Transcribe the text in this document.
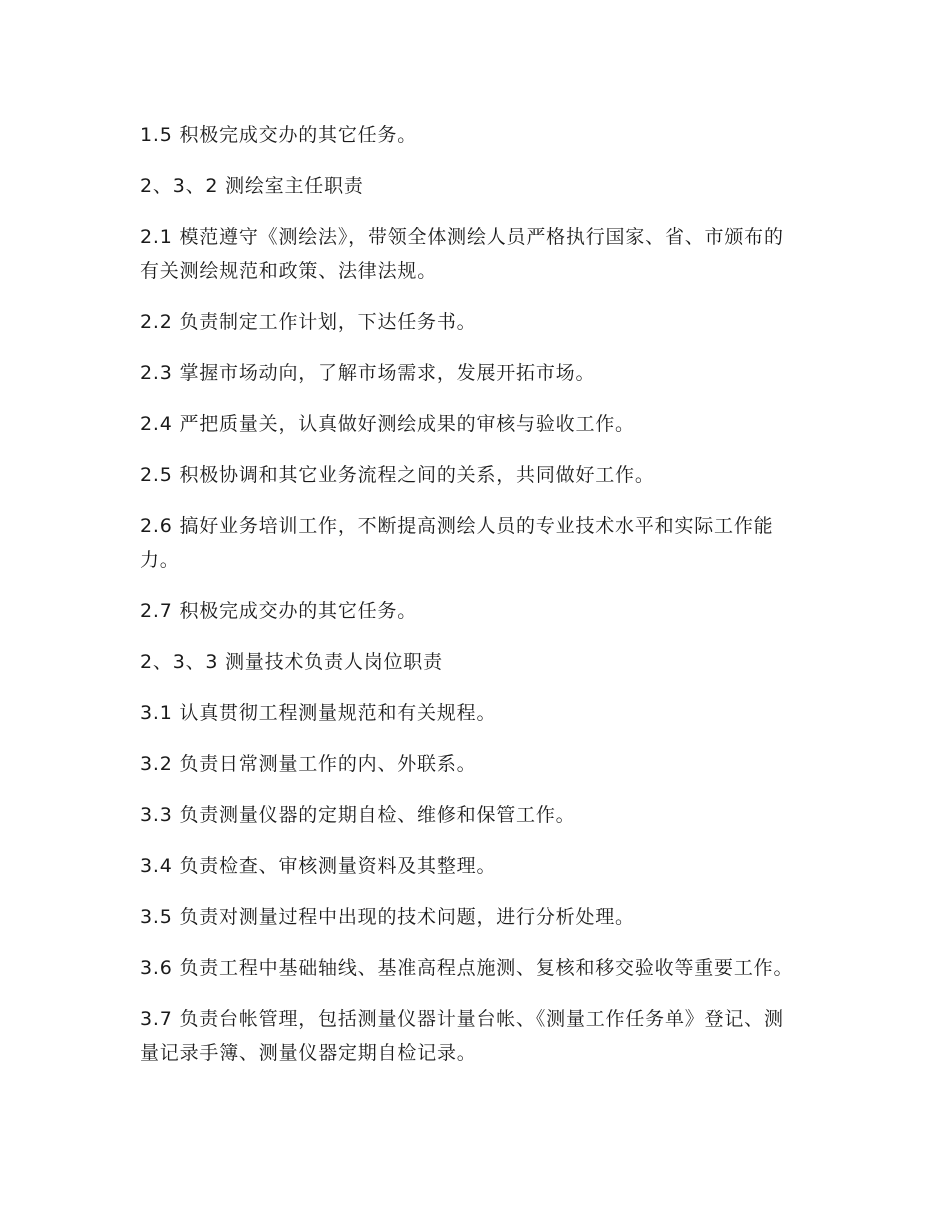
1.5 积极完成交办的其它任务。

2、3、2 测绘室主任职责

2.1 模范遵守《测绘法》，带领全体测绘人员严格执行国家、省、市颁布的有关测绘规范和政策、法律法规。

2.2 负责制定工作计划，下达任务书。

2.3 掌握市场动向，了解市场需求，发展开拓市场。

2.4 严把质量关，认真做好测绘成果的审核与验收工作。

2.5 积极协调和其它业务流程之间的关系，共同做好工作。

2.6 搞好业务培训工作，不断提高测绘人员的专业技术水平和实际工作能力。

2.7 积极完成交办的其它任务。

2、3、3 测量技术负责人岗位职责

3.1 认真贯彻工程测量规范和有关规程。

3.2 负责日常测量工作的内、外联系。

3.3 负责测量仪器的定期自检、维修和保管工作。

3.4 负责检查、审核测量资料及其整理。

3.5 负责对测量过程中出现的技术问题，进行分析处理。

3.6 负责工程中基础轴线、基准高程点施测、复核和移交验收等重要工作。

3.7 负责台帐管理，包括测量仪器计量台帐、《测量工作任务单》登记、测量记录手簿、测量仪器定期自检记录。
